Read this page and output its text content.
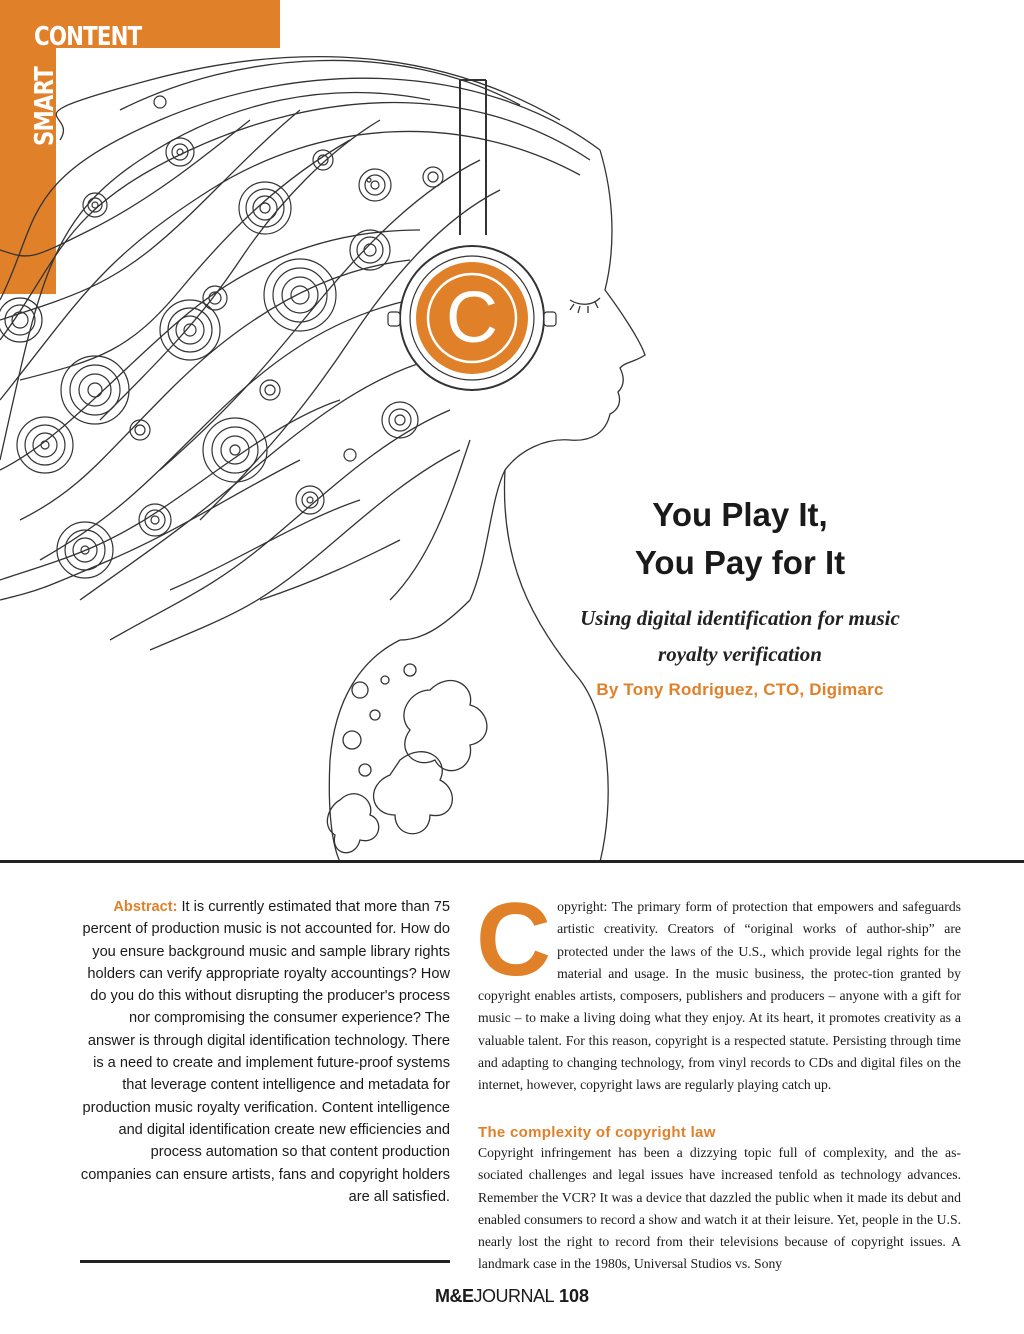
CONTENT
SMART
C
You Play It,
You Pay for It
Using digital identification for music
royalty verification
By Tony Rodriguez, CTO, Digimarc
Abstract: It is currently estimated that more than 75 percent of production music is not accounted for. How do you ensure background music and sample library rights holders can verify appropriate royalty accountings? How do you do this without disrupting the producer's process nor compromising the consumer experience? The answer is through digital identification technology. There is a need to create and implement future-proof systems that leverage content intelligence and metadata for production music royalty verification. Content intelligence and digital identification create new efficiencies and process automation so that content production companies can ensure artists, fans and copyright holders are all satisfied.
Copyright: The primary form of protection that empowers and safeguards artistic creativity. Creators of “original works of author-ship” are protected under the laws of the U.S., which provide legal rights for the material and usage. In the music business, the protec-tion granted by copyright enables artists, composers, publishers and producers – anyone with a gift for music – to make a living doing what they enjoy. At its heart, it promotes creativity as a valuable talent. For this reason, copyright is a respected statute. Persisting through time and adapting to changing technology, from vinyl records to CDs and digital files on the internet, however, copyright laws are regularly playing catch up.
The complexity of copyright law
Copyright infringement has been a dizzying topic full of complexity, and the as-sociated challenges and legal issues have increased tenfold as technology advances. Remember the VCR? It was a device that dazzled the public when it made its debut and enabled consumers to record a show and watch it at their leisure. Yet, people in the U.S. nearly lost the right to record from their televisions because of copyright issues. A landmark case in the 1980s, Universal Studios vs. Sony
M&EJOURNAL 108
